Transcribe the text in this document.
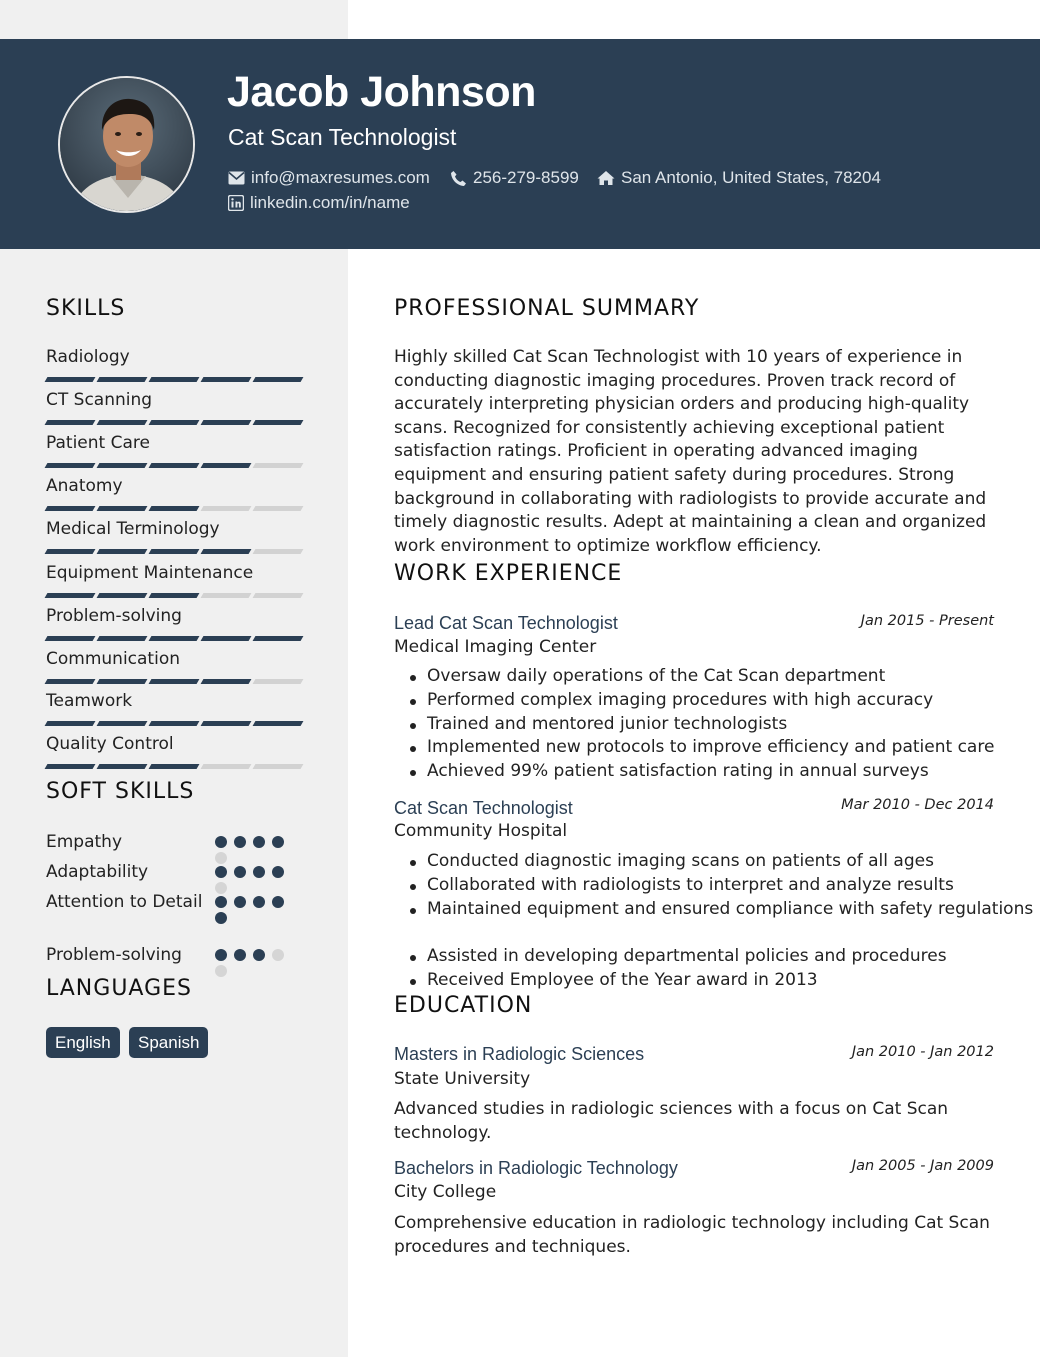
Jacob Johnson
Cat Scan Technologist
info@maxresumes.com	256-279-8599 San Antonio, United States, 78204
linkedin.com/in/name
SKILLS
Radiology
CT Scanning
Patient Care
Anatomy
Medical Terminology
Equipment Maintenance
Problem-solving
Communication
Teamwork
Quality Control
SOFT SKILLS
Empathy
Adaptability
Attention to Detail
Problem-solving
LANGUAGES
English	Spanish
PROFESSIONAL SUMMARY
Highly skilled Cat Scan Technologist with 10 years of experience in conducting diagnostic imaging procedures. Proven track record of accurately interpreting physician orders and producing high-quality scans. Recognized for consistently achieving exceptional patient satisfaction ratings. Proficient in operating advanced imaging equipment and ensuring patient safety during procedures. Strong background in collaborating with radiologists to provide accurate and timely diagnostic results. Adept at maintaining a clean and organized work environment to optimize workflow efficiency.
WORK EXPERIENCE
Lead Cat Scan Technologist	Jan 2015 - Present
Medical Imaging Center
Oversaw daily operations of the Cat Scan department
Performed complex imaging procedures with high accuracy
Trained and mentored junior technologists
Implemented new protocols to improve efficiency and patient care
Achieved 99% patient satisfaction rating in annual surveys
Cat Scan Technologist	Mar 2010 - Dec 2014
Community Hospital
Conducted diagnostic imaging scans on patients of all ages
Collaborated with radiologists to interpret and analyze results
Maintained equipment and ensured compliance with safety regulations
Assisted in developing departmental policies and procedures
Received Employee of the Year award in 2013
EDUCATION
Masters in Radiologic Sciences	Jan 2010 - Jan 2012
State University
Advanced studies in radiologic sciences with a focus on Cat Scan technology.
Bachelors in Radiologic Technology	Jan 2005 - Jan 2009
City College
Comprehensive education in radiologic technology including Cat Scan procedures and techniques.
